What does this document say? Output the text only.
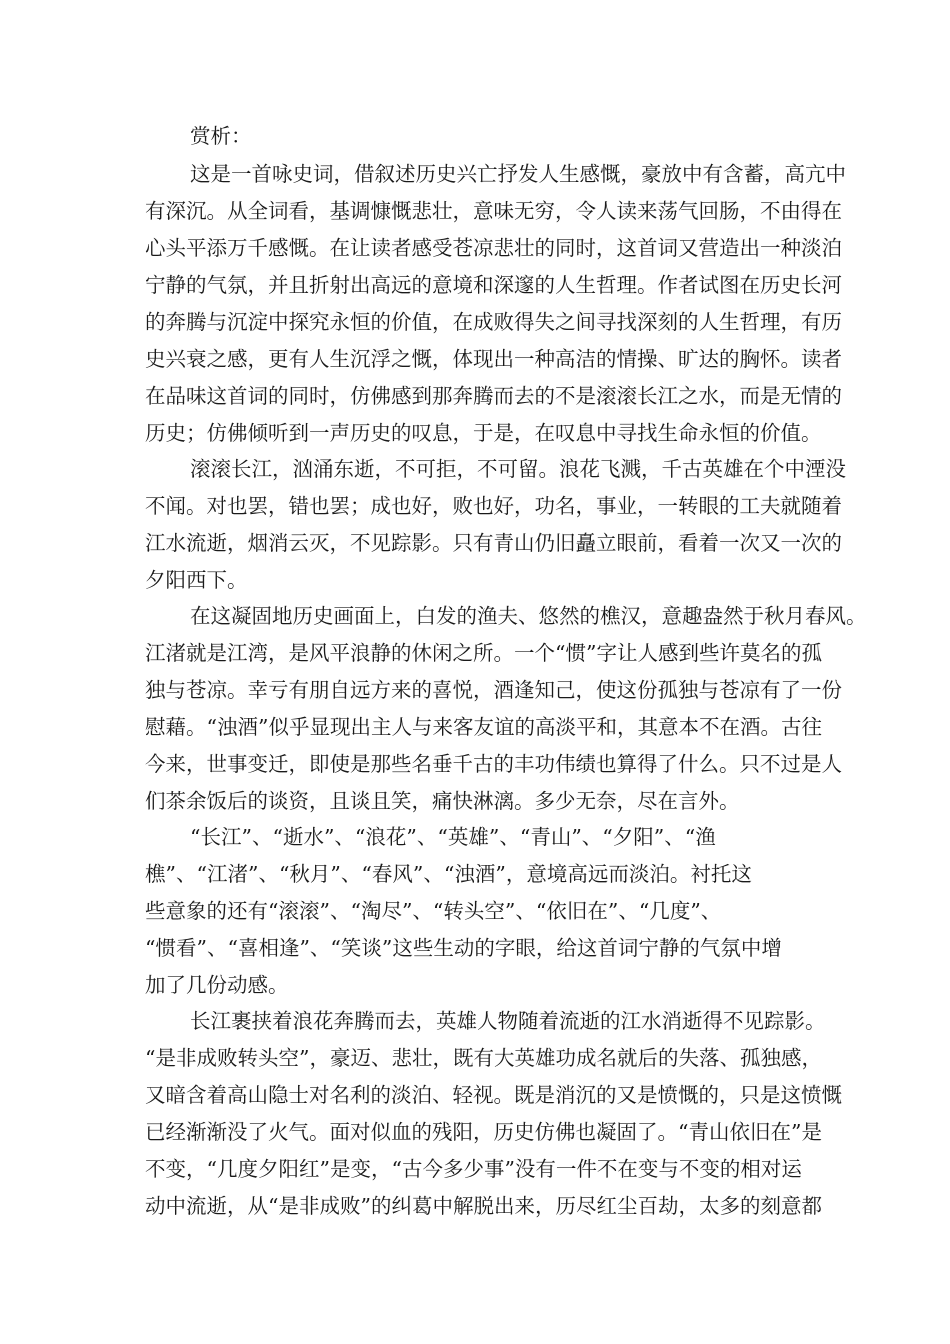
赏析：
这是一首咏史词，借叙述历史兴亡抒发人生感慨，豪放中有含蓄，高亢中
有深沉。从全词看，基调慷慨悲壮，意味无穷，令人读来荡气回肠，不由得在
心头平添万千感慨。在让读者感受苍凉悲壮的同时，这首词又营造出一种淡泊
宁静的气氛，并且折射出高远的意境和深邃的人生哲理。作者试图在历史长河
的奔腾与沉淀中探究永恒的价值，在成败得失之间寻找深刻的人生哲理，有历
史兴衰之感，更有人生沉浮之慨，体现出一种高洁的情操、旷达的胸怀。读者
在品味这首词的同时，仿佛感到那奔腾而去的不是滚滚长江之水，而是无情的
历史；仿佛倾听到一声历史的叹息，于是，在叹息中寻找生命永恒的价值。
滚滚长江，汹涌东逝，不可拒，不可留。浪花飞溅，千古英雄在个中湮没
不闻。对也罢，错也罢；成也好，败也好，功名，事业，一转眼的工夫就随着
江水流逝，烟消云灭，不见踪影。只有青山仍旧矗立眼前，看着一次又一次的
夕阳西下。
在这凝固地历史画面上，白发的渔夫、悠然的樵汉，意趣盎然于秋月春风。
江渚就是江湾，是风平浪静的休闲之所。一个“惯”字让人感到些许莫名的孤
独与苍凉。幸亏有朋自远方来的喜悦，酒逢知己，使这份孤独与苍凉有了一份
慰藉。“浊酒”似乎显现出主人与来客友谊的高淡平和，其意本不在酒。古往
今来，世事变迁，即使是那些名垂千古的丰功伟绩也算得了什么。只不过是人
们茶余饭后的谈资，且谈且笑，痛快淋漓。多少无奈，尽在言外。
“长江”、“逝水”、“浪花”、“英雄”、“青山”、“夕阳”、“渔
樵”、“江渚”、“秋月”、“春风”、“浊酒”，意境高远而淡泊。衬托这
些意象的还有“滚滚”、“淘尽”、“转头空”、“依旧在”、“几度”、
“惯看”、“喜相逢”、“笑谈”这些生动的字眼，给这首词宁静的气氛中增
加了几份动感。
长江裹挟着浪花奔腾而去，英雄人物随着流逝的江水消逝得不见踪影。
“是非成败转头空”，豪迈、悲壮，既有大英雄功成名就后的失落、孤独感，
又暗含着高山隐士对名利的淡泊、轻视。既是消沉的又是愤慨的，只是这愤慨
已经渐渐没了火气。面对似血的残阳，历史仿佛也凝固了。“青山依旧在”是
不变，“几度夕阳红”是变，“古今多少事”没有一件不在变与不变的相对运
动中流逝，从“是非成败”的纠葛中解脱出来，历尽红尘百劫，太多的刻意都
